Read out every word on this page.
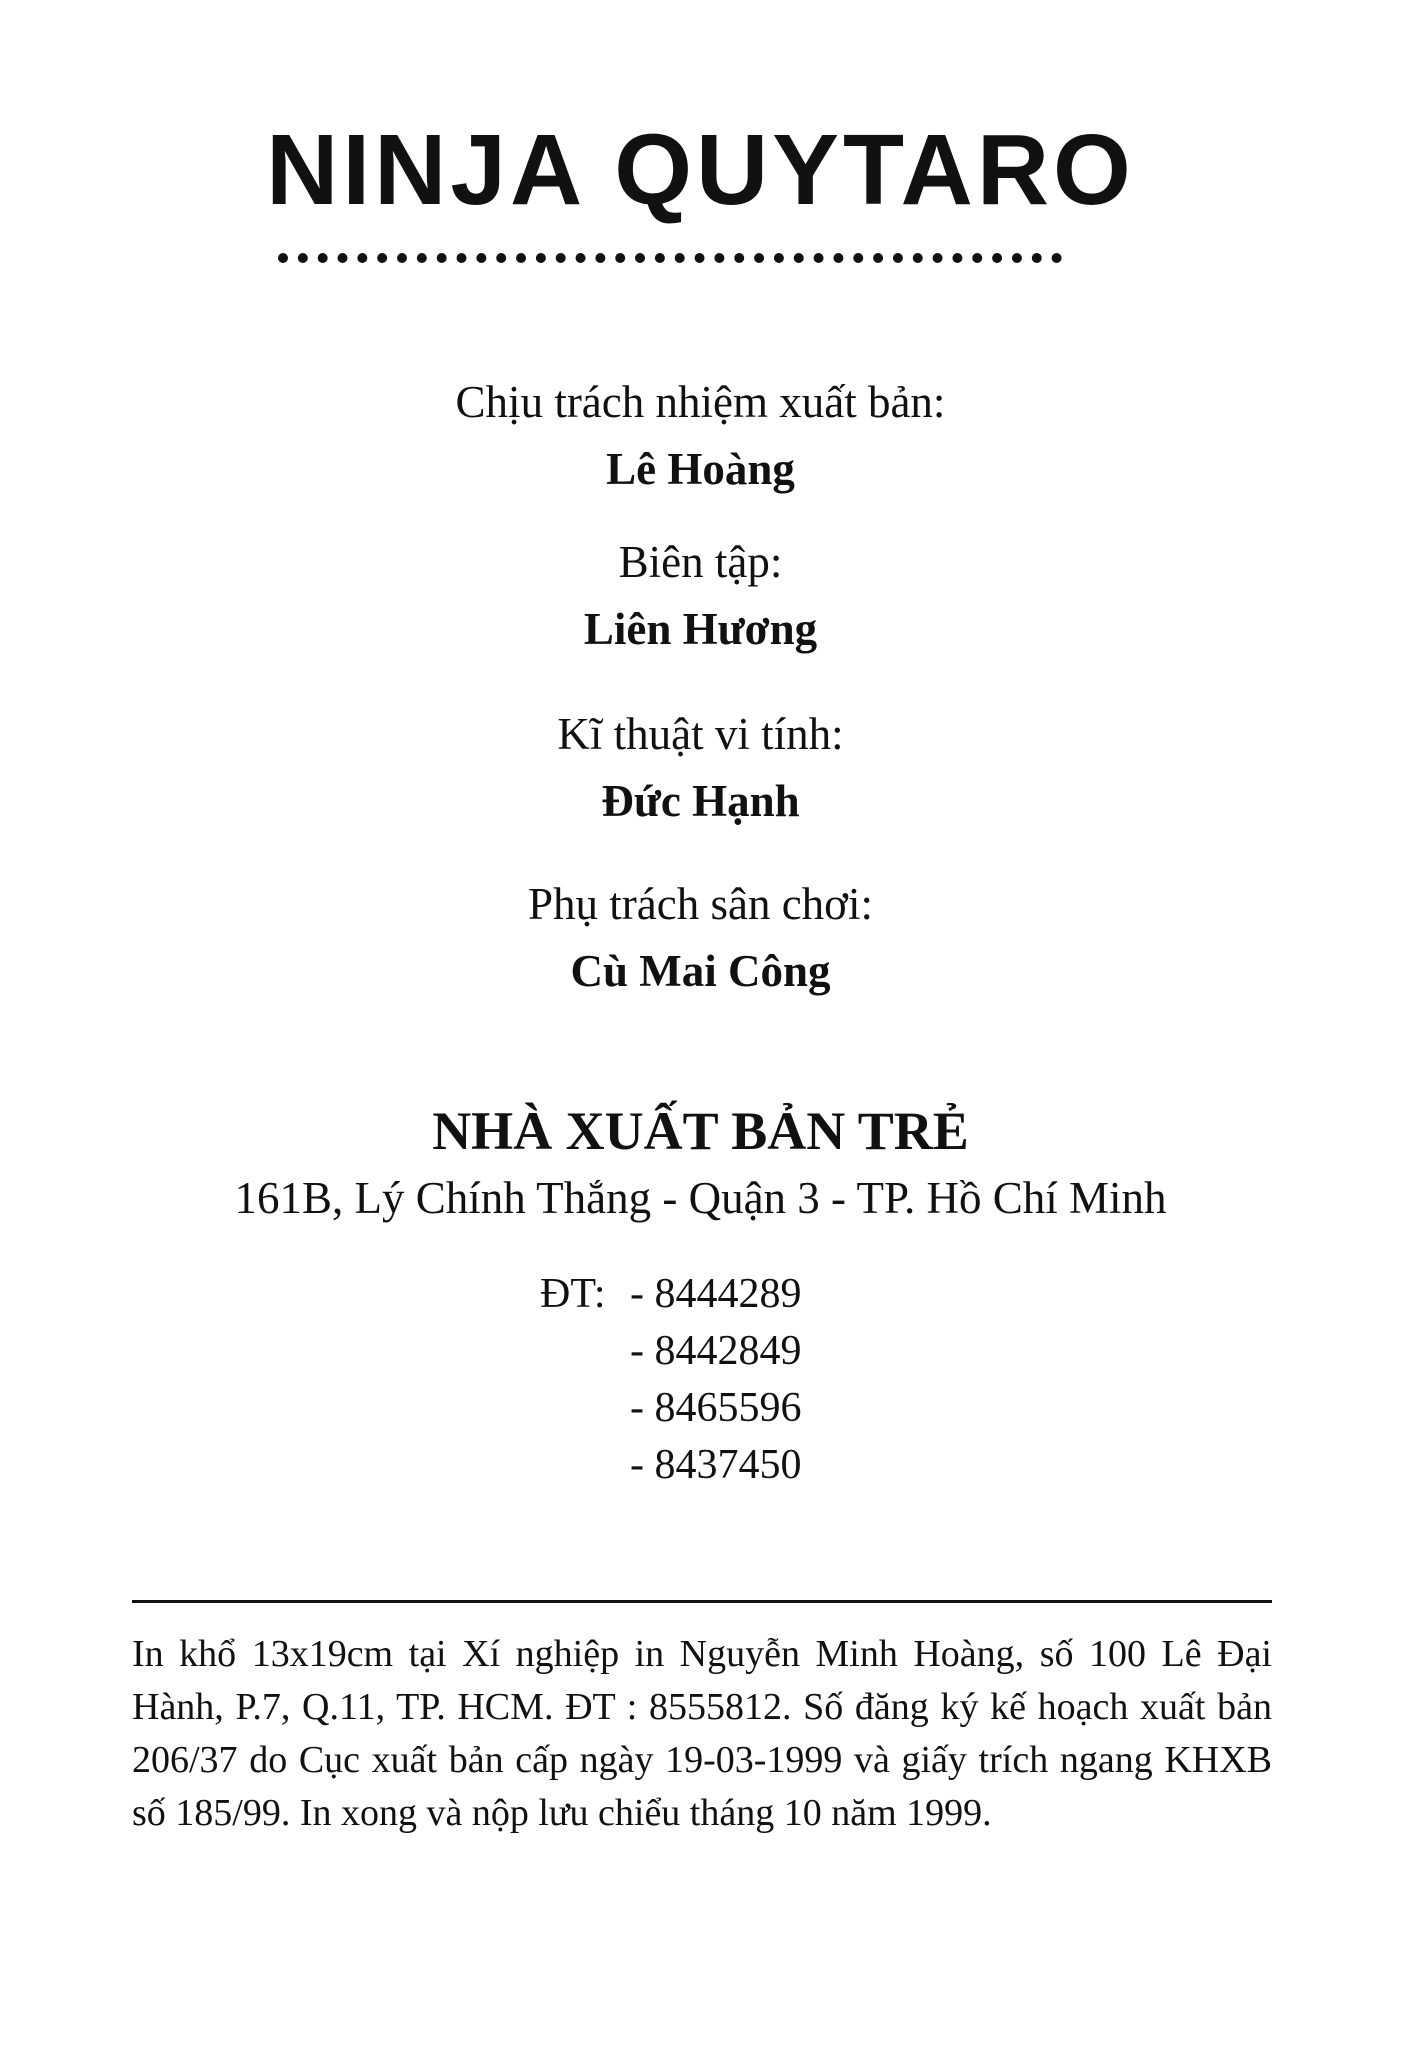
NINJA QUYTARO

Chịu trách nhiệm xuất bản:

Lê Hoàng

Biên tập:

Liên Hương

Kĩ thuật vi tính:

Đức Hạnh

Phụ trách sân chơi:

Cù Mai Công

NHÀ XUẤT BẢN TRẺ
161B, Lý Chính Thắng - Quận 3 - TP. Hồ Chí Minh
ĐT: - 8444289
- 8442849
- 8465596
- 8437450
In khổ 13x19cm tại Xí nghiệp in Nguyễn Minh Hoàng, số 100 Lê Đại Hành, P.7, Q.11, TP. HCM. ĐT : 8555812. Số đăng ký kế hoạch xuất bản 206/37 do Cục xuất bản cấp ngày 19-03-1999 và giấy trích ngang KHXB số 185/99. In xong và nộp lưu chiểu tháng 10 năm 1999.
